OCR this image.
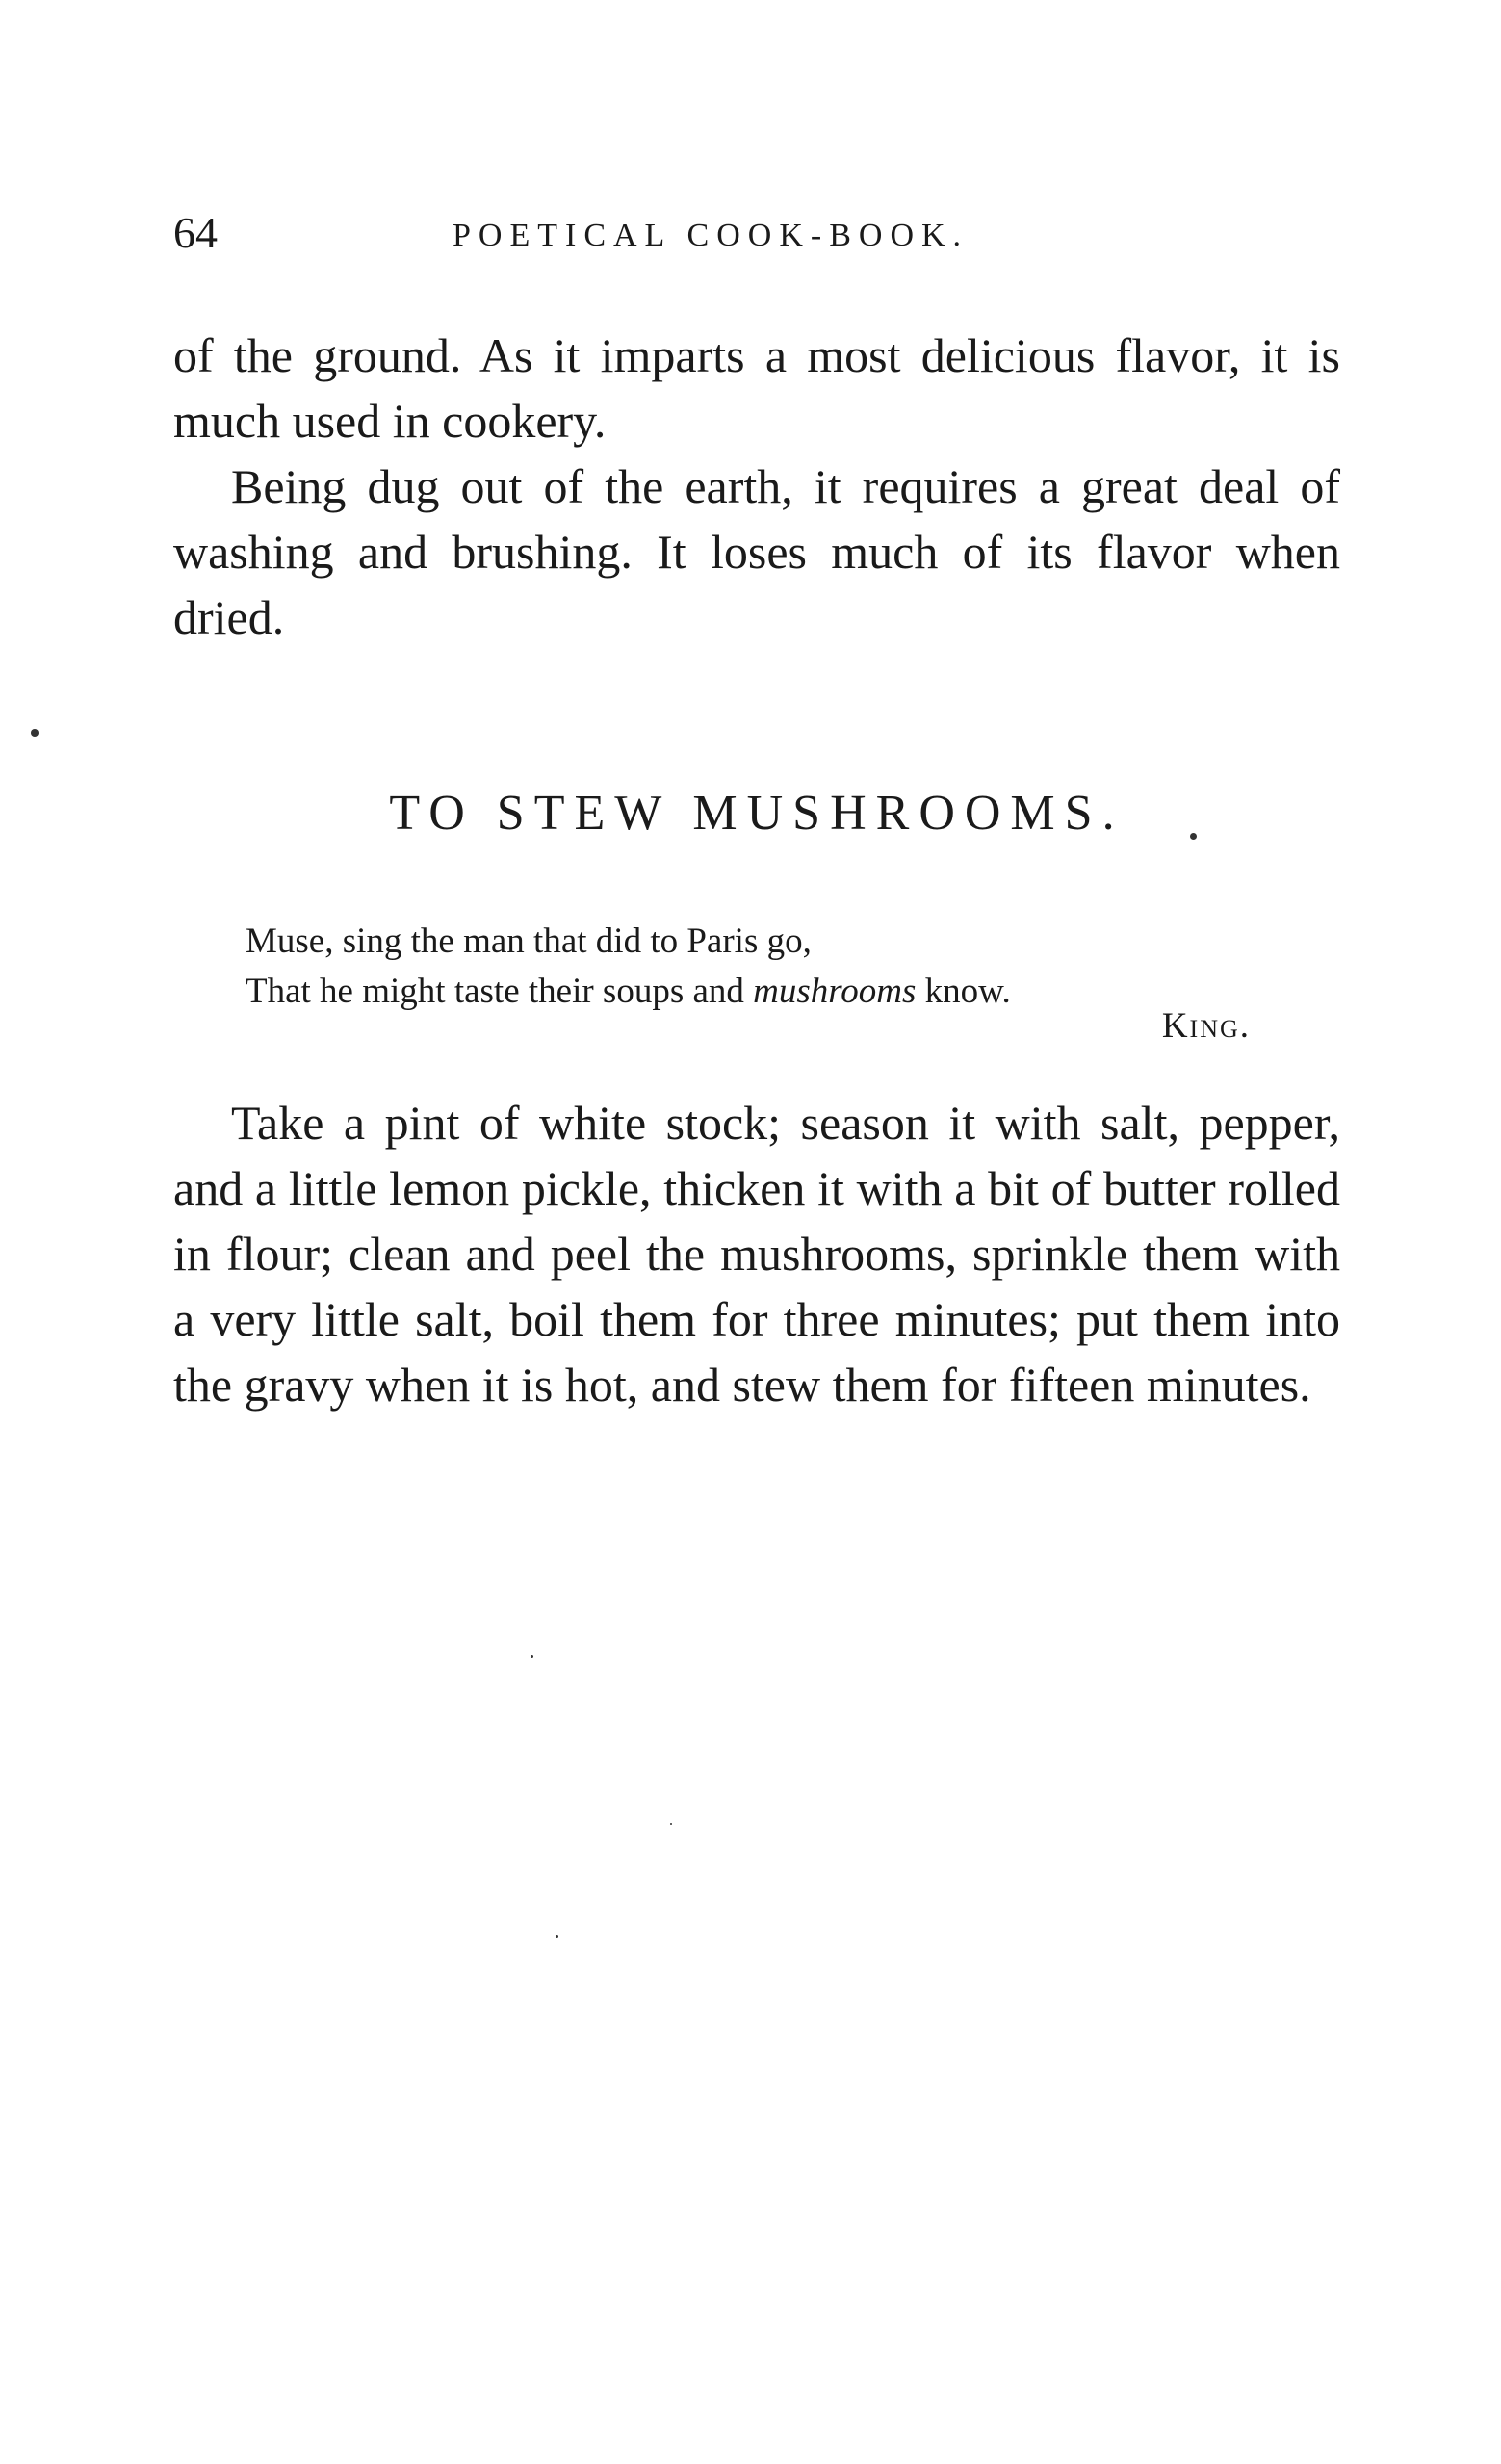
64	POETICAL COOK-BOOK.

of the ground. As it imparts a most delicious flavor, it is much used in cookery.

Being dug out of the earth, it requires a great deal of washing and brushing. It loses much of its flavor when dried.

TO STEW MUSHROOMS.
Muse, sing the man that did to Paris go,
That he might taste their soups and mushrooms know.
King.

Take a pint of white stock; season it with salt, pepper, and a little lemon pickle, thicken it with a bit of butter rolled in flour; clean and peel the mushrooms, sprinkle them with a very little salt, boil them for three minutes; put them into the gravy when it is hot, and stew them for fifteen minutes.
